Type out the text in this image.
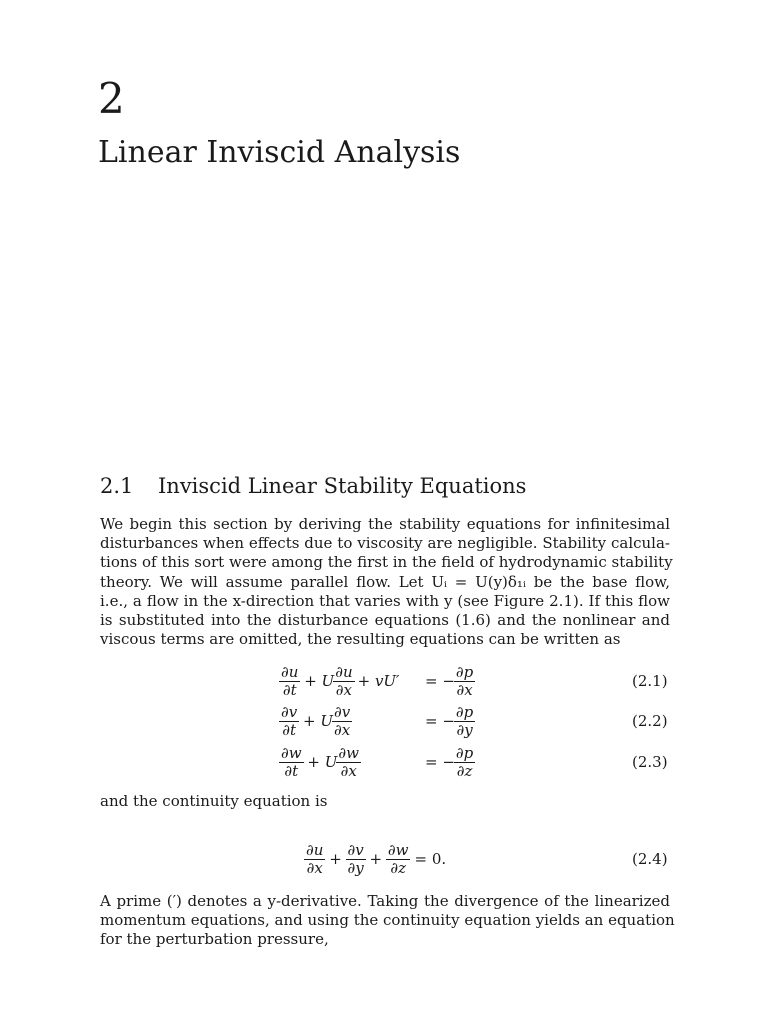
2
Linear Inviscid Analysis
2.1 Inviscid Linear Stability Equations
We begin this section by deriving the stability equations for infinitesimal
disturbances when effects due to viscosity are negligible. Stability calcula-
tions of this sort were among the first in the field of hydrodynamic stability
theory. We will assume parallel flow. Let Uᵢ = U(y)δ₁ᵢ be the base flow,
i.e., a flow in the x-direction that varies with y (see Figure 2.1). If this flow
is substituted into the disturbance equations (1.6) and the nonlinear and
viscous terms are omitted, the resulting equations can be written as
$\frac{\partial u}{\partial t} + U \frac{\partial u}{\partial x} + vU'$ = − $\frac{\partial p}{\partial x}$	(2.1)
$\frac{\partial v}{\partial t} + U \frac{\partial v}{\partial x}$	= − $\frac{\partial p}{\partial y}$	(2.2)
$\frac{\partial w}{\partial t} + U \frac{\partial w}{\partial x}$	= − $\frac{\partial p}{\partial z}$	(2.3)
and the continuity equation is
$\frac{\partial u}{\partial x} + \frac{\partial v}{\partial y} + \frac{\partial w}{\partial z} = 0$.	(2.4)
A prime (′) denotes a y-derivative. Taking the divergence of the linearized
momentum equations, and using the continuity equation yields an equation
for the perturbation pressure,
